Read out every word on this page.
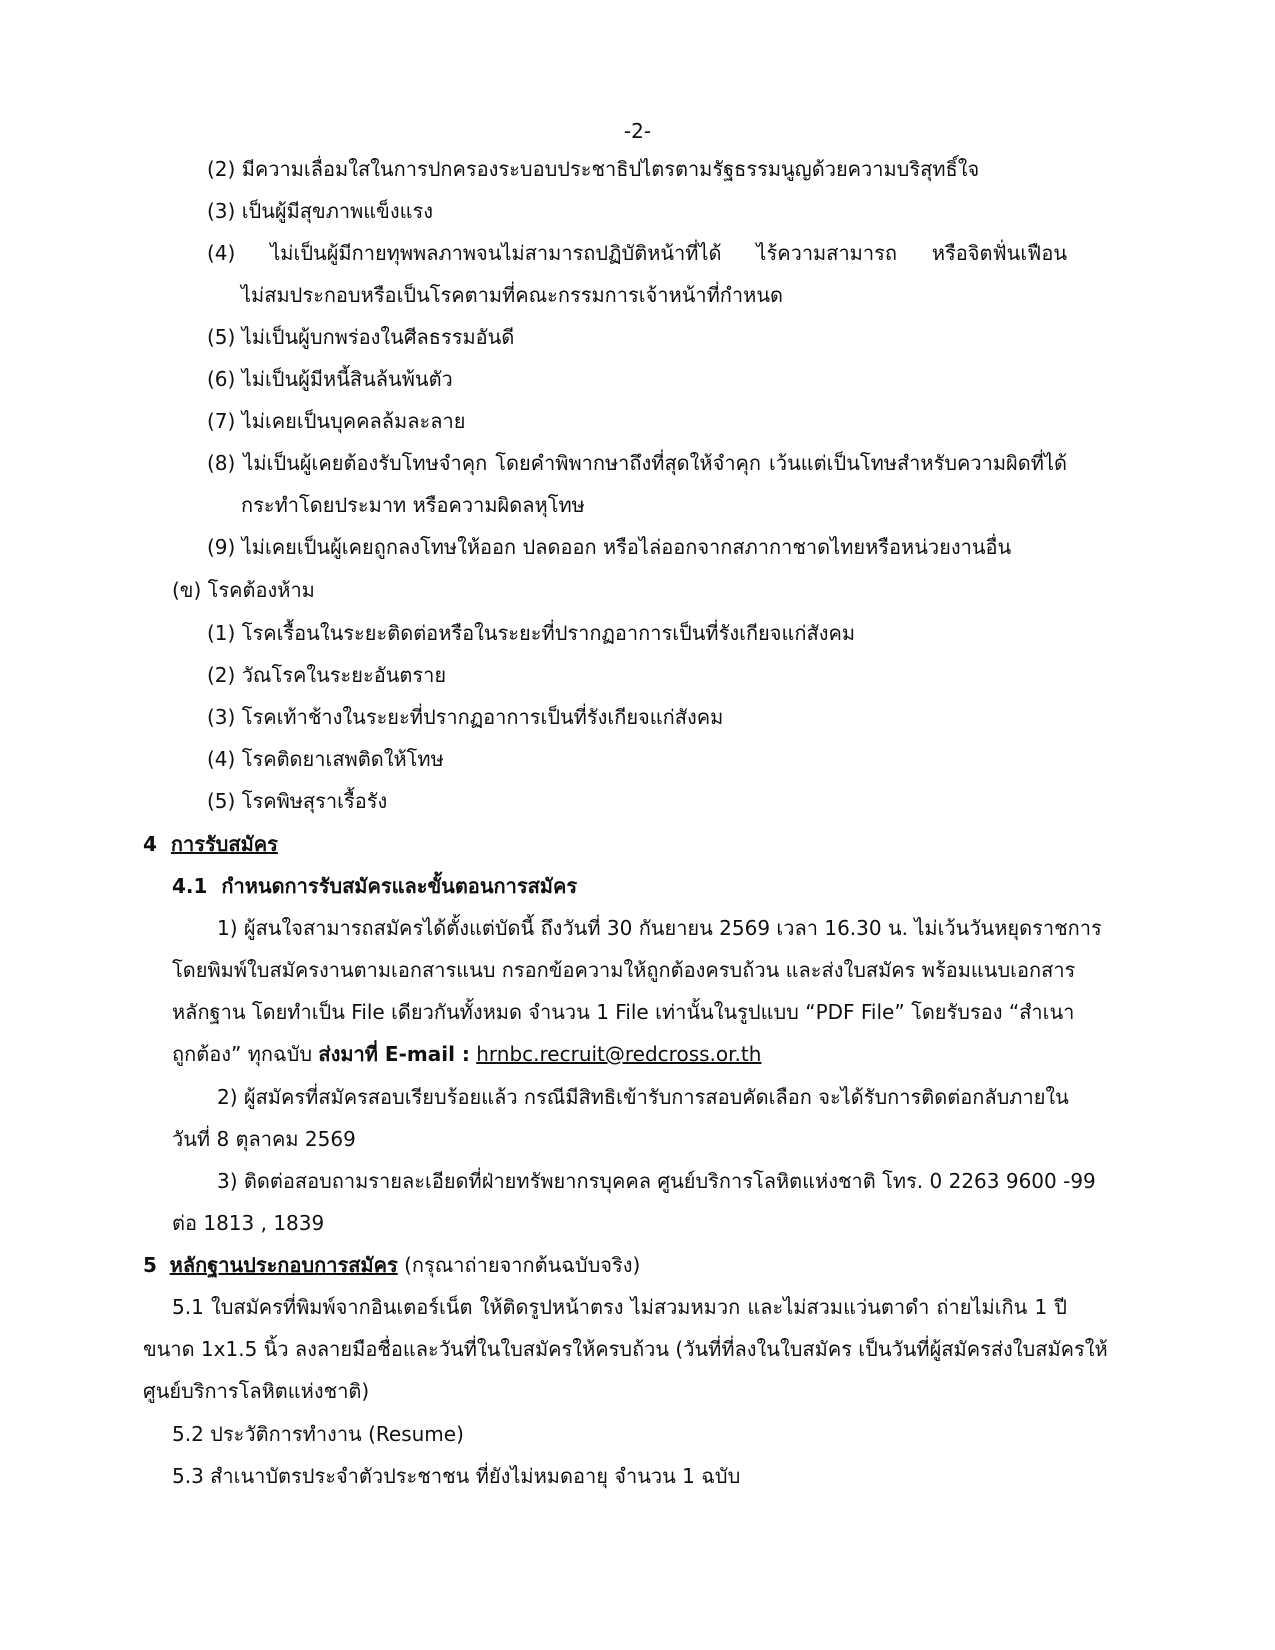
-2-
(2) มีความเลื่อมใสในการปกครองระบอบประชาธิปไตรตามรัฐธรรมนูญด้วยความบริสุทธิ์ใจ
(3) เป็นผู้มีสุขภาพแข็งแรง
(4) ไม่เป็นผู้มีกายทุพพลภาพจนไม่สามารถปฏิบัติหน้าที่ได้ ไร้ความสามารถ หรือจิตฟั่นเฟือน
ไม่สมประกอบหรือเป็นโรคตามที่คณะกรรมการเจ้าหน้าที่กำหนด
(5) ไม่เป็นผู้บกพร่องในศีลธรรมอันดี
(6) ไม่เป็นผู้มีหนี้สินล้นพ้นตัว
(7) ไม่เคยเป็นบุคคลล้มละลาย
(8) ไม่เป็นผู้เคยต้องรับโทษจำคุก โดยคำพิพากษาถึงที่สุดให้จำคุก เว้นแต่เป็นโทษสำหรับความผิดที่ได้
กระทำโดยประมาท หรือความผิดลหุโทษ
(9) ไม่เคยเป็นผู้เคยถูกลงโทษให้ออก ปลดออก หรือไล่ออกจากสภากาชาดไทยหรือหน่วยงานอื่น
(ข) โรคต้องห้าม
(1) โรคเรื้อนในระยะติดต่อหรือในระยะที่ปรากฏอาการเป็นที่รังเกียจแก่สังคม
(2) วัณโรคในระยะอันตราย
(3) โรคเท้าช้างในระยะที่ปรากฏอาการเป็นที่รังเกียจแก่สังคม
(4) โรคติดยาเสพติดให้โทษ
(5) โรคพิษสุราเรื้อรัง
4 การรับสมัคร
4.1 กำหนดการรับสมัครและขั้นตอนการสมัคร
1) ผู้สนใจสามารถสมัครได้ตั้งแต่บัดนี้ ถึงวันที่ 30 กันยายน 2569 เวลา 16.30 น. ไม่เว้นวันหยุดราชการ
โดยพิมพ์ใบสมัครงานตามเอกสารแนบ กรอกข้อความให้ถูกต้องครบถ้วน และส่งใบสมัคร พร้อมแนบเอกสาร
หลักฐาน โดยทำเป็น File เดียวกันทั้งหมด จำนวน 1 File เท่านั้นในรูปแบบ “PDF File” โดยรับรอง “สำเนา
ถูกต้อง” ทุกฉบับ ส่งมาที่ E-mail : hrnbc.recruit@redcross.or.th
2) ผู้สมัครที่สมัครสอบเรียบร้อยแล้ว กรณีมีสิทธิเข้ารับการสอบคัดเลือก จะได้รับการติดต่อกลับภายใน
วันที่ 8 ตุลาคม 2569
3) ติดต่อสอบถามรายละเอียดที่ฝ่ายทรัพยากรบุคคล ศูนย์บริการโลหิตแห่งชาติ โทร. 0 2263 9600 -99
ต่อ 1813 , 1839
5 หลักฐานประกอบการสมัคร (กรุณาถ่ายจากต้นฉบับจริง)
5.1 ใบสมัครที่พิมพ์จากอินเตอร์เน็ต ให้ติดรูปหน้าตรง ไม่สวมหมวก และไม่สวมแว่นตาดำ ถ่ายไม่เกิน 1 ปี
ขนาด 1x1.5 นิ้ว ลงลายมือชื่อและวันที่ในใบสมัครให้ครบถ้วน (วันที่ที่ลงในใบสมัคร เป็นวันที่ผู้สมัครส่งใบสมัครให้
ศูนย์บริการโลหิตแห่งชาติ)
5.2 ประวัติการทำงาน (Resume)
5.3 สำเนาบัตรประจำตัวประชาชน ที่ยังไม่หมดอายุ จำนวน 1 ฉบับ
